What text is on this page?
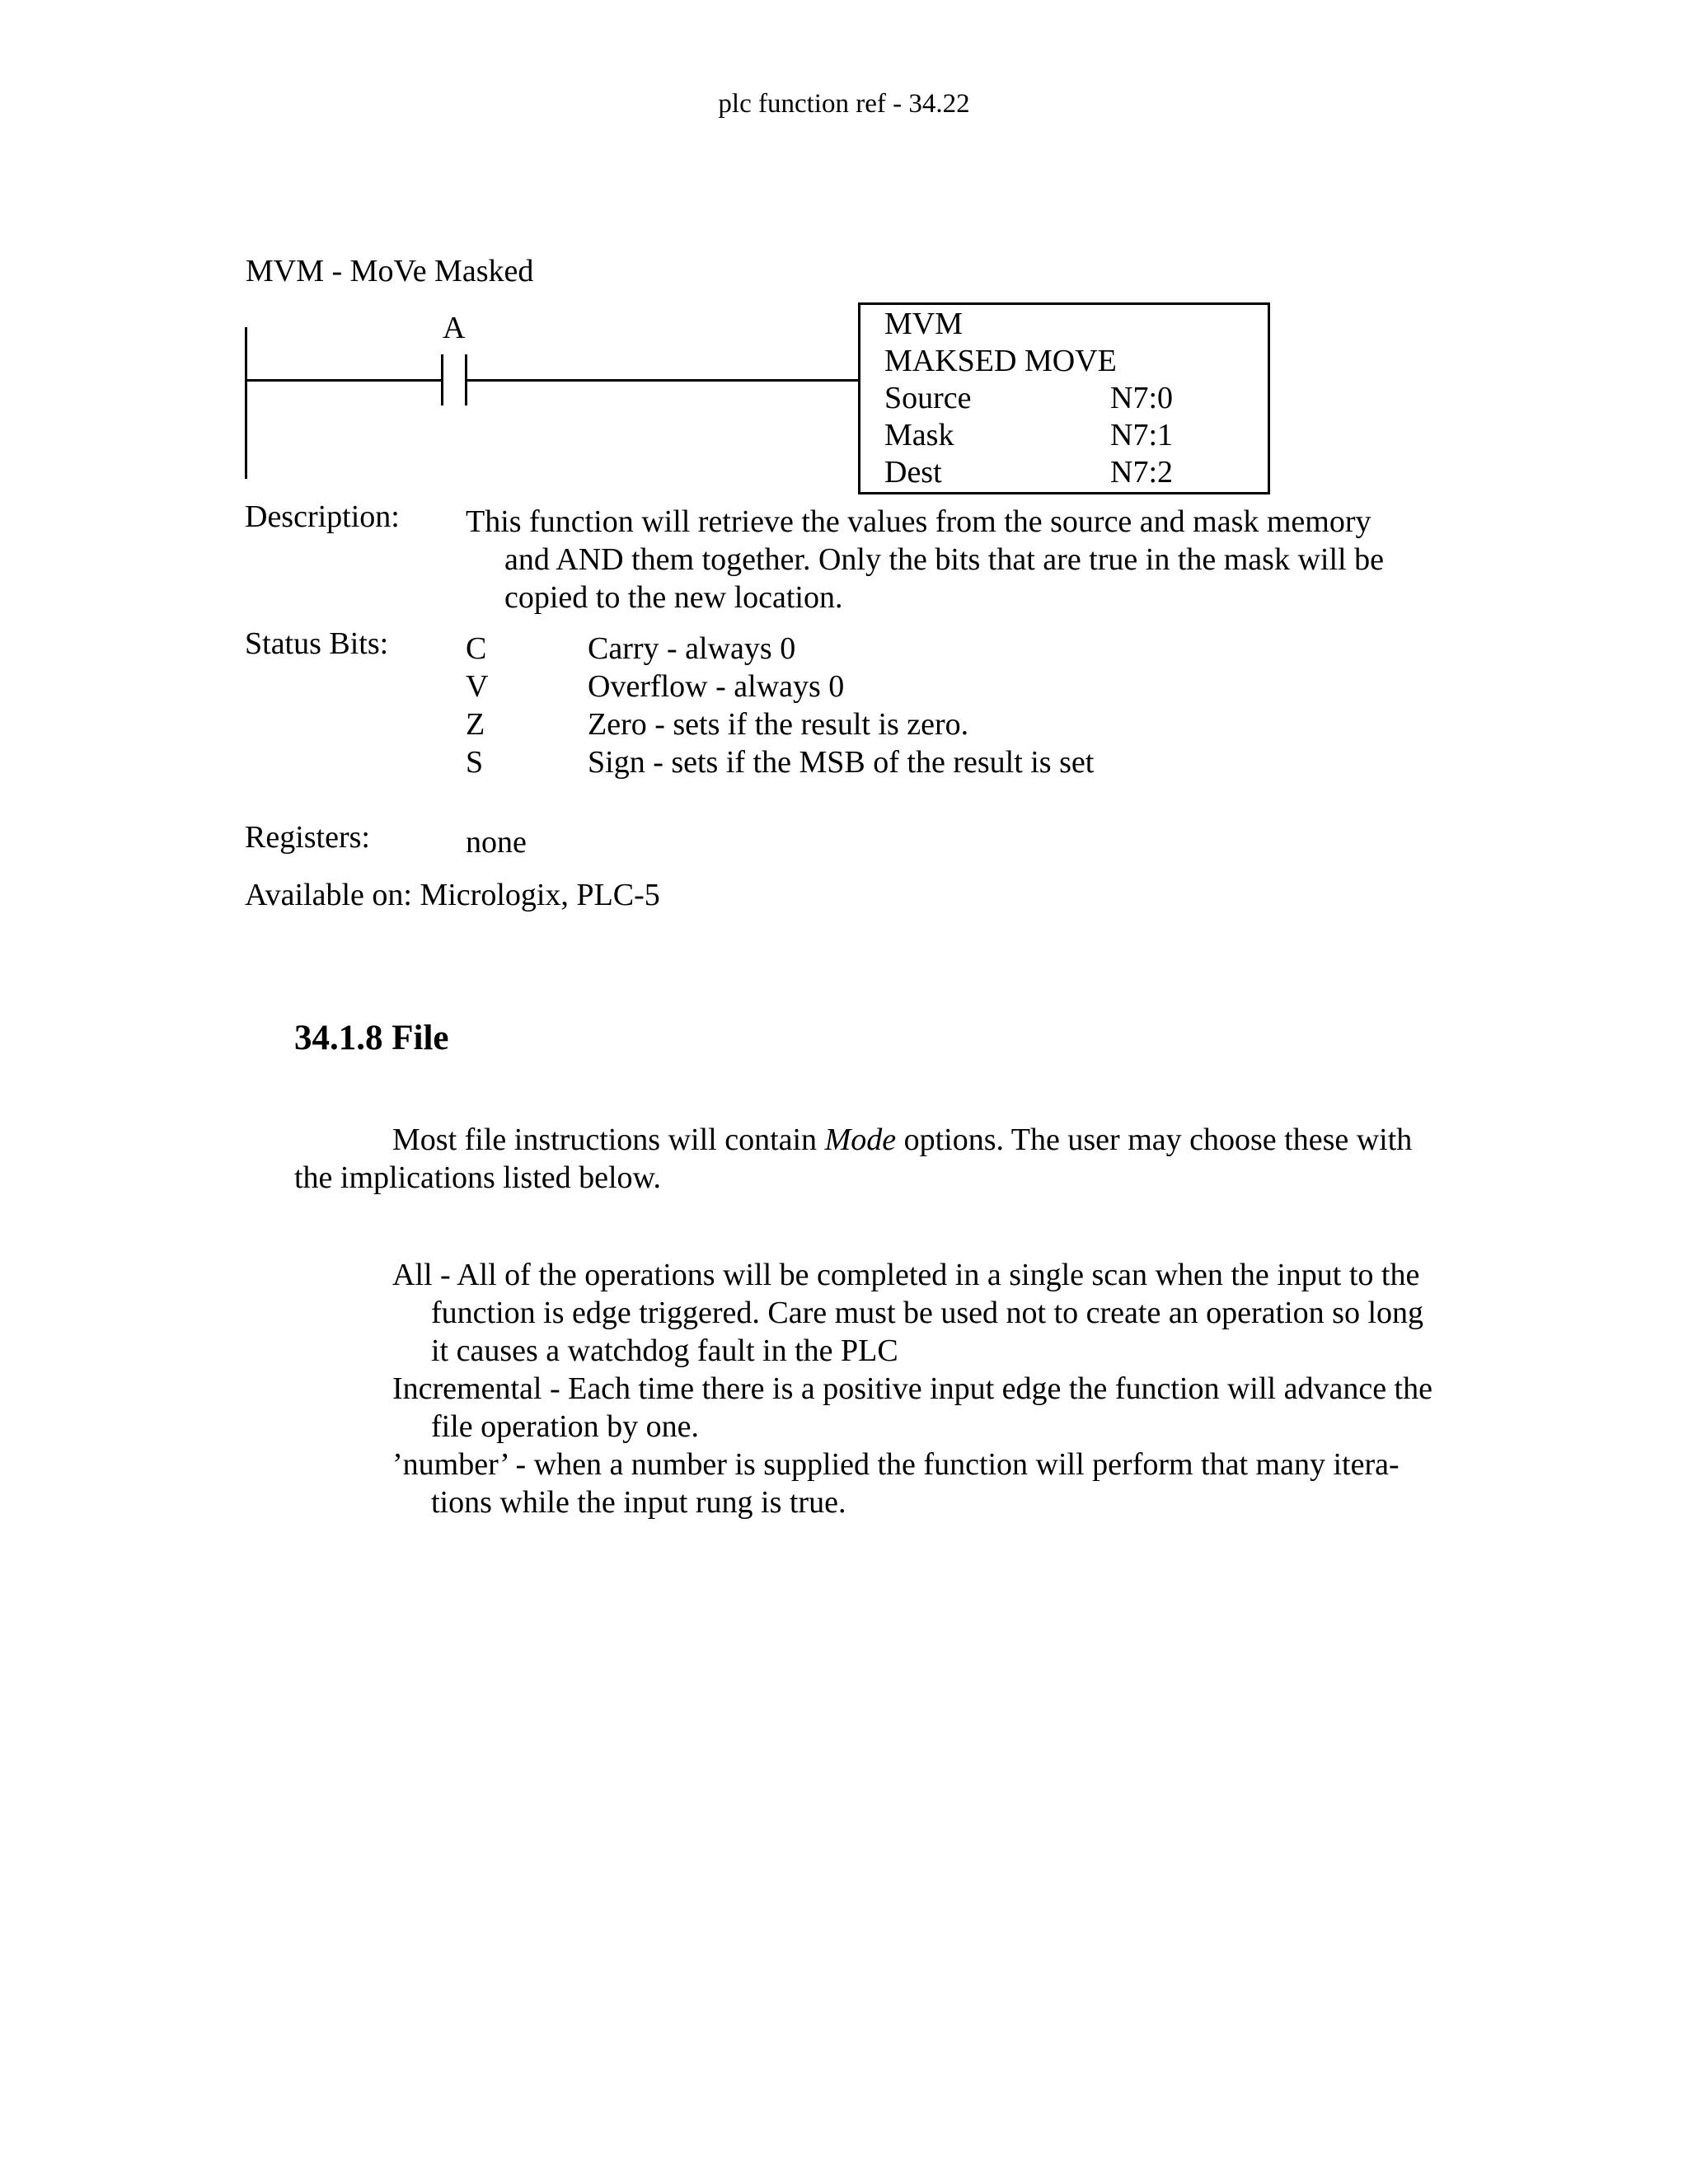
plc function ref - 34.22
MVM - MoVe Masked
A	MVM
MAKSED MOVE
Source	N7:0
Mask	N7:1
Dest	N7:2
Description: This function will retrieve the values from the source and mask memory
and AND them together. Only the bits that are true in the mask will be
copied to the new location.
Status Bits: C	Carry - always 0
V	Overflow - always 0
Z	Zero - sets if the result is zero.
S	Sign - sets if the MSB of the result is set
Registers:	none
Available on: Micrologix, PLC-5
34.1.8 File
Most file instructions will contain Mode options. The user may choose these with
the implications listed below.
All - All of the operations will be completed in a single scan when the input to the
function is edge triggered. Care must be used not to create an operation so long
it causes a watchdog fault in the PLC
Incremental - Each time there is a positive input edge the function will advance the
file operation by one.
’number’ - when a number is supplied the function will perform that many itera-
tions while the input rung is true.
